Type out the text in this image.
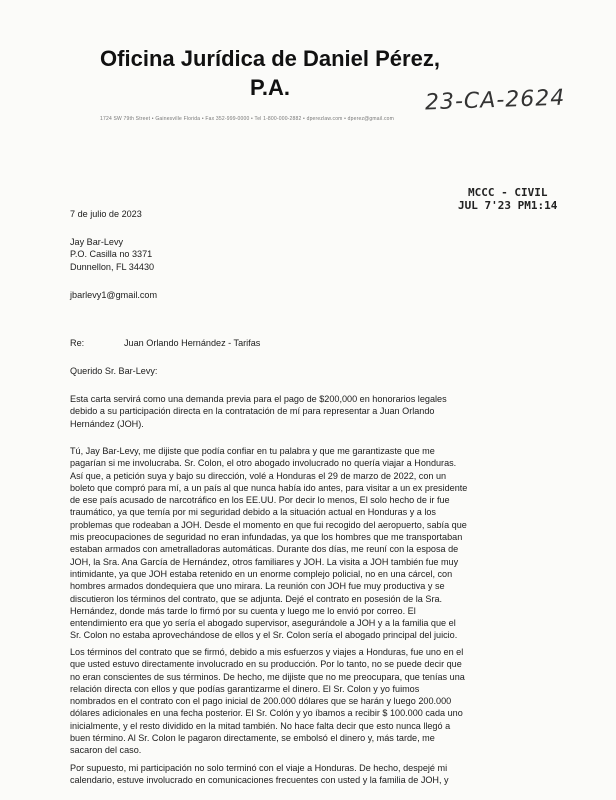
Oficina Jurídica de Daniel Pérez,
P.A.
1724 SW 79th Street • Gainesville Florida • Fax 352-999-0000 • Tel 1-800-000-2882 • dperezlaw.com • dperez@gmail.com
23-CA-2624
MCCC - CIVIL
JUL 7'23 PM1:14
7 de julio de 2023
Jay Bar-Levy
P.O. Casilla no 3371
Dunnellon, FL 34430
jbarlevy1@gmail.com
Re:	Juan Orlando Hernández - Tarifas
Querido Sr. Bar-Levy:
Esta carta servirá como una demanda previa para el pago de $200,000 en honorarios legales
debido a su participación directa en la contratación de mí para representar a Juan Orlando
Hernández (JOH).
Tú, Jay Bar-Levy, me dijiste que podía confiar en tu palabra y que me garantizaste que me
pagarían si me involucraba. Sr. Colon, el otro abogado involucrado no quería viajar a Honduras.
Así que, a petición suya y bajo su dirección, volé a Honduras el 29 de marzo de 2022, con un
boleto que compró para mí, a un país al que nunca había ido antes, para visitar a un ex presidente
de ese país acusado de narcotráfico en los EE.UU. Por decir lo menos, El solo hecho de ir fue
traumático, ya que temía por mi seguridad debido a la situación actual en Honduras y a los
problemas que rodeaban a JOH. Desde el momento en que fui recogido del aeropuerto, sabía que
mis preocupaciones de seguridad no eran infundadas, ya que los hombres que me transportaban
estaban armados con ametralladoras automáticas. Durante dos días, me reuní con la esposa de
JOH, la Sra. Ana García de Hernández, otros familiares y JOH. La visita a JOH también fue muy
intimidante, ya que JOH estaba retenido en un enorme complejo policial, no en una cárcel, con
hombres armados dondequiera que uno mirara. La reunión con JOH fue muy productiva y se
discutieron los términos del contrato, que se adjunta. Dejé el contrato en posesión de la Sra.
Hernández, donde más tarde lo firmó por su cuenta y luego me lo envió por correo. El
entendimiento era que yo sería el abogado supervisor, asegurándole a JOH y a la familia que el
Sr. Colon no estaba aprovechándose de ellos y el Sr. Colon sería el abogado principal del juicio.
Los términos del contrato que se firmó, debido a mis esfuerzos y viajes a Honduras, fue uno en el
que usted estuvo directamente involucrado en su producción. Por lo tanto, no se puede decir que
no eran conscientes de sus términos. De hecho, me dijiste que no me preocupara, que tenías una
relación directa con ellos y que podías garantizarme el dinero. El Sr. Colon y yo fuimos
nombrados en el contrato con el pago inicial de 200.000 dólares que se harán y luego 200.000
dólares adicionales en una fecha posterior. El Sr. Colón y yo íbamos a recibir $ 100.000 cada uno
inicialmente, y el resto dividido en la mitad también. No hace falta decir que esto nunca llegó a
buen término. Al Sr. Colon le pagaron directamente, se embolsó el dinero y, más tarde, me
sacaron del caso.
Por supuesto, mi participación no solo terminó con el viaje a Honduras. De hecho, despejé mi
calendario, estuve involucrado en comunicaciones frecuentes con usted y la familia de JOH, y
